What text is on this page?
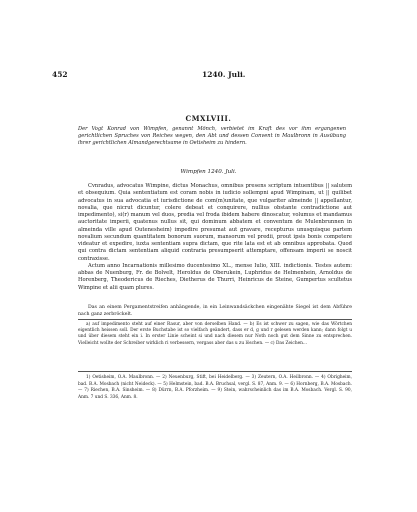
452	1240. Juli.
CMXLVIII.
Der Vogt Konrad von Wimpfen, genannt Mönch, verbietet im Kraft des vor ihm ergangenen gerichtlichen Spruches von Reiches wegen, den Abt und dessen Convent in Maulbronn in Ausübung ihrer gerichtlichen Almandgerechtsame in Oetisheim zu hindern.
Wimpfen 1240. Juli.

Cvnradus, advocatus Wimpine, dictus Monachus, omnibus presens scriptum intuentibus || salutem et obsequium. Quia sententiatum est coram nobis in iudicio sollempni apud Wimpinam, ut || quilibet advocatus in sua advocatia et iurisdictione de com(m)unitate, que vulgariter almeinde || appellantur, novalia, que nicrut dicuntur, colere debeat et conquirere, nullius obstante contradictione aut impedimento), si(r) manum vel duos, predia vel froda ibidem habere dinoscatur, volumus et mandamus auctoritate imperii, quatenus nullus sit, qui dominum abbatem et conventum de Mulenbrunnen in almeinda ville apud Outenesheim) impedire presumat aut gravare, recepturus unusquisque partem novalium secundum quantitatem bonorum suorum, mansorum vel predii, prout ipsis bonis competere videatur et expedire, iuxta sententiam supra dictam, que rite lata est et ab omnibus approbata. Quod qui contra dictam sententiam aliquid contraria presumpserit attemptare, offensam imperii se noscit contraxisse.

Actum anno Incarnationis millesimo ducentesimo XL., mense Iulio, XIII. indictionis. Testes autem: abbas de Nuenburg, Fr. de Bolvelt, Heroldus de Oberukein, Luphridus de Helmenhein, Arnoldus de Horenberg, Theodericus de Rieches, Dietherus de Thurri, Heinricus de Steine, Gumpertus scultetus Wimpine et alii quam plures.

Das an einem Pergamentstreifen anhängende, in ein Leinwandsäckchen eingenähte Siegel ist dem Abführe nach ganz zerbröckelt.

a) auf impedimento steht auf einer Rasur, aber von derselben Hand. — b) Es ist schwer zu sagen, wie das Wörtchen eigentlich heissen soll. Der erste Buchstabe ist so vielfach geändert, dass er d, g und r gelesen werden kann; dann folgt u und über diesem steht ein i. In erster Linie scheint si und nach diesem nur Noth noch gut dem Sinne zu entsprechen. Vielleicht wollte der Schreiber wirklich ri verbessern, vergass aber das u zu löschen. — c) Das Zeichen...

1) Oetisheim, O.A. Maulbronn. — 2) Neuenburg, Stift, bei Heidelberg. — 3) Zeutern, O.A. Heilbronn. — 4) Obrigheim, bad. B.A. Mosbach (nicht Neideck). — 5) Helmstein, bad. B.A. Bruchsal, vergl. S. 87, Anm. 9. — 6) Hornberg, B.A. Mosbach. — 7) Riechen, B.A. Sinsheim. — 8) Dürrn, B.A. Pforzheim. — 9) Stein, wahrscheinlich das im B.A. Mosbach. Vergl. S. 90, Anm. 7 und S. 336, Anm. 8.
